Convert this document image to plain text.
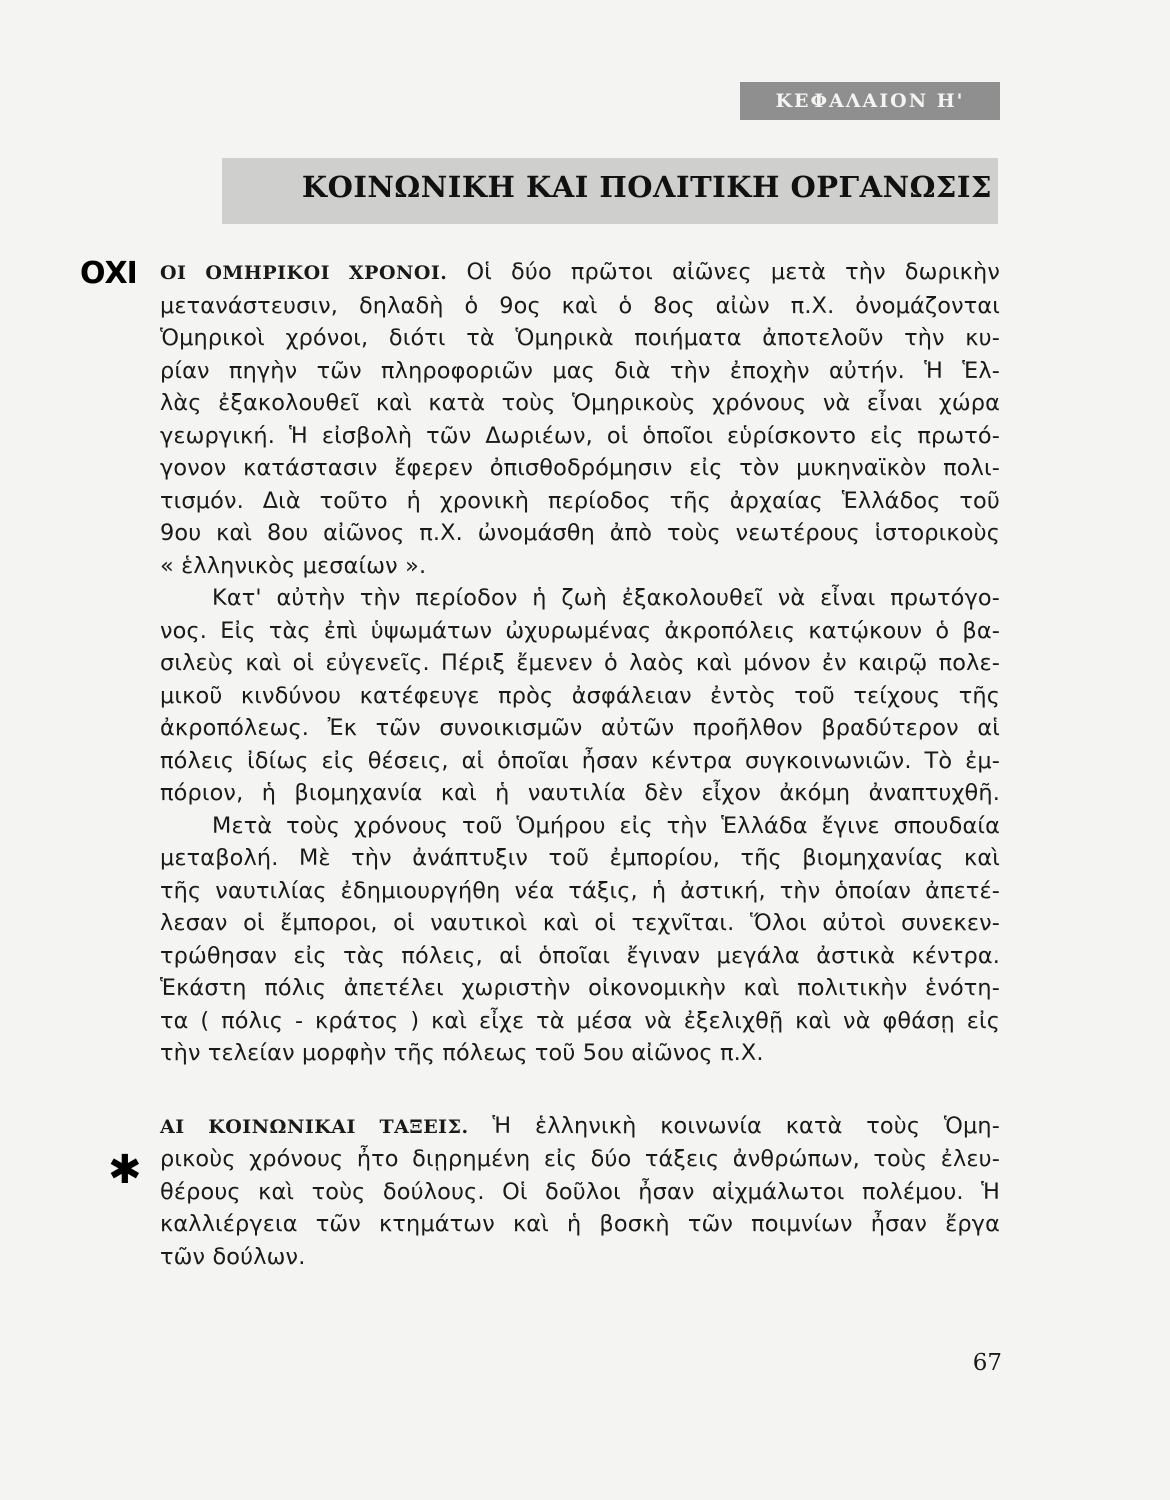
ΚΕΦΑΛΑΙΟΝ Η'
ΚΟΙΝΩΝΙΚΗ ΚΑΙ ΠΟΛΙΤΙΚΗ ΟΡΓΑΝΩΣΙΣ
ΟΧΙ ΟΙ ΟΜΗΡΙΚΟΙ ΧΡΟΝΟΙ. Οἱ δύο πρῶτοι αἰῶνες μετὰ τὴν δωρικὴν
μετανάστευσιν, δηλαδὴ ὁ 9ος καὶ ὁ 8ος αἰὼν π.Χ. ὀνομάζονται
Ὁμηρικοὶ χρόνοι, διότι τὰ Ὁμηρικὰ ποιήματα ἀποτελοῦν τὴν κυ-
ρίαν πηγὴν τῶν πληροφοριῶν μας διὰ τὴν ἐποχὴν αὐτήν. Ἡ Ἑλ-
λὰς ἐξακολουθεῖ καὶ κατὰ τοὺς Ὁμηρικοὺς χρόνους νὰ εἶναι χώρα
γεωργική. Ἡ εἰσβολὴ τῶν Δωριέων, οἱ ὁποῖοι εὑρίσκοντο εἰς πρωτό-
γονον κατάστασιν ἔφερεν ὀπισθοδρόμησιν εἰς τὸν μυκηναϊκὸν πολι-
τισμόν. Διὰ τοῦτο ἡ χρονικὴ περίοδος τῆς ἀρχαίας Ἑλλάδος τοῦ
9ου καὶ 8ου αἰῶνος π.Χ. ὠνομάσθη ἀπὸ τοὺς νεωτέρους ἱστορικοὺς
« ἑλληνικὸς μεσαίων ».
Κατ' αὐτὴν τὴν περίοδον ἡ ζωὴ ἐξακολουθεῖ νὰ εἶναι πρωτόγο-
νος. Εἰς τὰς ἐπὶ ὑψωμάτων ὠχυρωμένας ἀκροπόλεις κατῴκουν ὁ βα-
σιλεὺς καὶ οἱ εὐγενεῖς. Πέριξ ἔμενεν ὁ λαὸς καὶ μόνον ἐν καιρῷ πολε-
μικοῦ κινδύνου κατέφευγε πρὸς ἀσφάλειαν ἐντὸς τοῦ τείχους τῆς
ἀκροπόλεως. Ἐκ τῶν συνοικισμῶν αὐτῶν προῆλθον βραδύτερον αἱ
πόλεις ἰδίως εἰς θέσεις, αἱ ὁποῖαι ἦσαν κέντρα συγκοινωνιῶν. Τὸ ἐμ-
πόριον, ἡ βιομηχανία καὶ ἡ ναυτιλία δὲν εἶχον ἀκόμη ἀναπτυχθῆ.
Μετὰ τοὺς χρόνους τοῦ Ὁμήρου εἰς τὴν Ἑλλάδα ἔγινε σπουδαία
μεταβολή. Μὲ τὴν ἀνάπτυξιν τοῦ ἐμπορίου, τῆς βιομηχανίας καὶ
τῆς ναυτιλίας ἐδημιουργήθη νέα τάξις, ἡ ἀστική, τὴν ὁποίαν ἀπετέ-
λεσαν οἱ ἔμποροι, οἱ ναυτικοὶ καὶ οἱ τεχνῖται. Ὅλοι αὐτοὶ συνεκεν-
τρώθησαν εἰς τὰς πόλεις, αἱ ὁποῖαι ἔγιναν μεγάλα ἀστικὰ κέντρα.
Ἑκάστη πόλις ἀπετέλει χωριστὴν οἰκονομικὴν καὶ πολιτικὴν ἑνότη-
τα ( πόλις - κράτος ) καὶ εἶχε τὰ μέσα νὰ ἐξελιχθῇ καὶ νὰ φθάσῃ εἰς
τὴν τελείαν μορφὴν τῆς πόλεως τοῦ 5ου αἰῶνος π.Χ.
ΑΙ ΚΟΙΝΩΝΙΚΑΙ ΤΑΞΕΙΣ. Ἡ ἑλληνικὴ κοινωνία κατὰ τοὺς Ὁμη-
ρικοὺς χρόνους ἦτο διῃρημένη εἰς δύο τάξεις ἀνθρώπων, τοὺς ἐλευ-
θέρους καὶ τοὺς δούλους. Οἱ δοῦλοι ἦσαν αἰχμάλωτοι πολέμου. Ἡ
καλλιέργεια τῶν κτημάτων καὶ ἡ βοσκὴ τῶν ποιμνίων ἦσαν ἔργα
τῶν δούλων.
✱
67
